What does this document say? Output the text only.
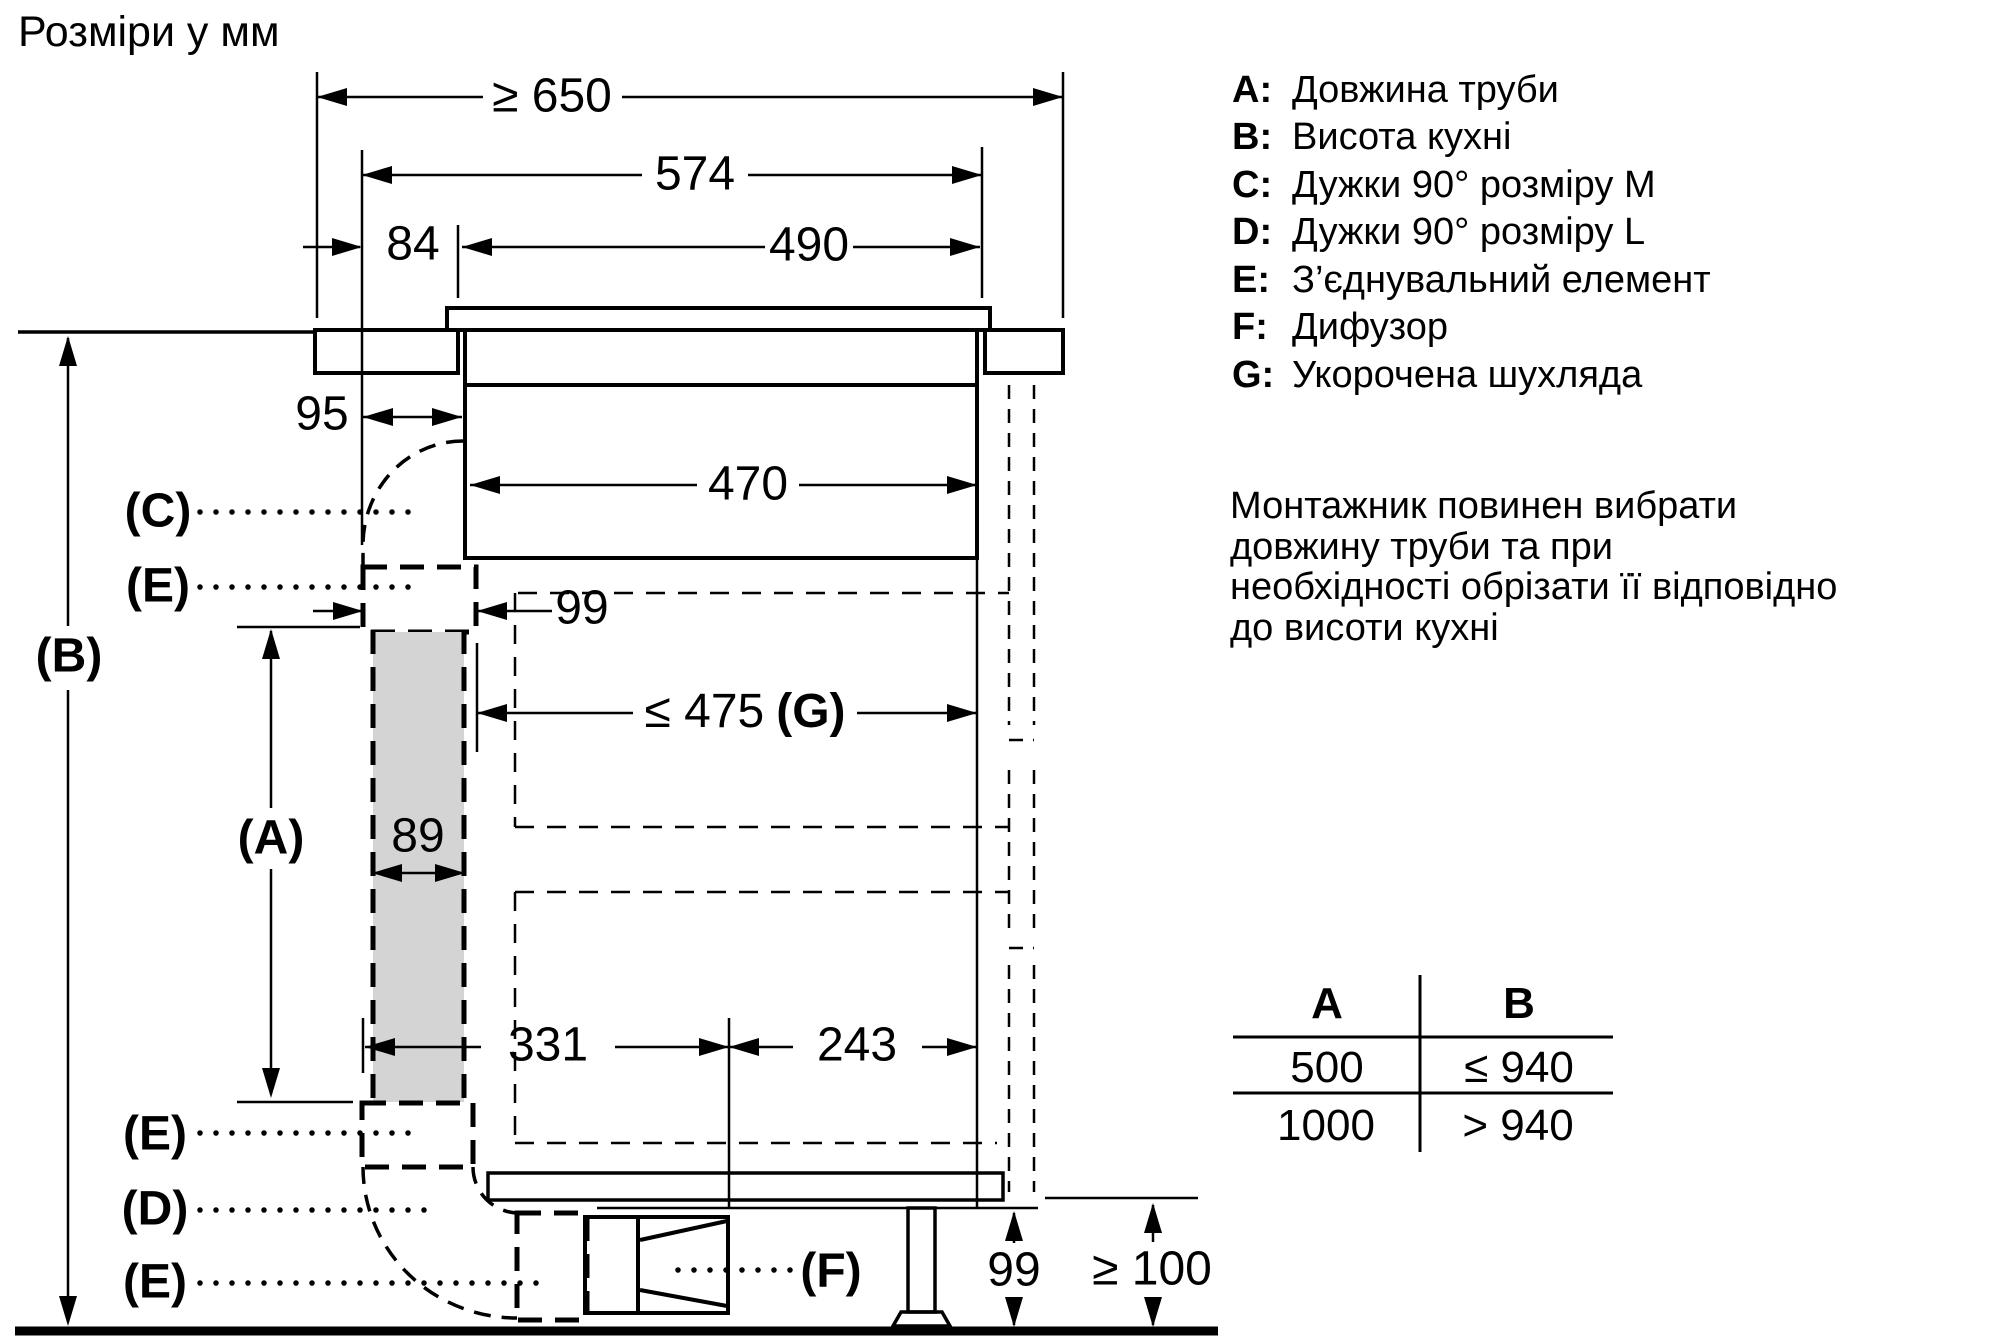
Розміри у мм
≥ 650
574
84	490
95
470
99
≤ 475 (G)
89
331	243
99 ≥ 100
(B)
(A)
(C)
(E)
(E)
(D)
(E)	(F)
A: Довжина труби
B: Висота кухні
C: Дужки 90° розміру M
D: Дужки 90° розміру L
E: З’єднувальний елемент
F: Дифузор
G: Укорочена шухляда
Монтажник повинен вибрати
довжину труби та при
необхідності обрізати її відповідно
до висоти кухні
A	B
500 ≤ 940
1000 > 940
